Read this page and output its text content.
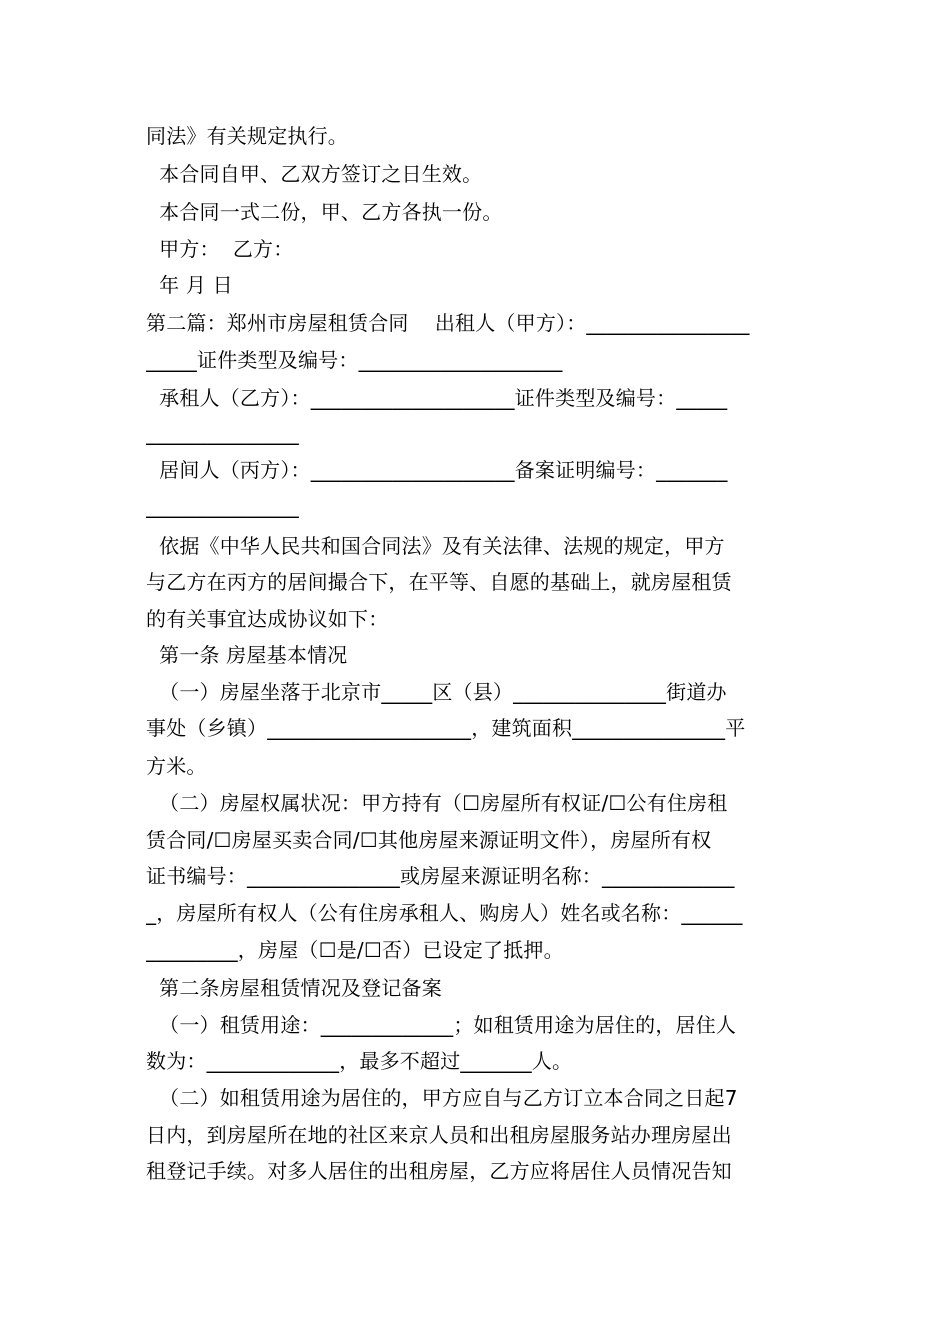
同法》有关规定执行。
本合同自甲、乙双方签订之日生效。
本合同一式二份，甲、乙方各执一份。
甲方：  乙方：
年 月 日
第二篇：郑州市房屋租赁合同    出租人（甲方）：________________
_____证件类型及编号：____________________
承租人（乙方）：____________________证件类型及编号：_____
_______________
居间人（丙方）：____________________备案证明编号：_______
_______________
依据《中华人民共和国合同法》及有关法律、法规的规定，甲方
与乙方在丙方的居间撮合下，在平等、自愿的基础上，就房屋租赁
的有关事宜达成协议如下：
第一条 房屋基本情况
（一）房屋坐落于北京市_____区（县）_______________街道办
事处（乡镇）____________________，建筑面积_______________平
方米。
（二）房屋权属状况：甲方持有（☐房屋所有权证/☐公有住房租
赁合同/☐房屋买卖合同/☐其他房屋来源证明文件），房屋所有权
证书编号：_______________或房屋来源证明名称：_____________
_，房屋所有权人（公有住房承租人、购房人）姓名或名称：______
_________，房屋（☐是/☐否）已设定了抵押。
第二条房屋租赁情况及登记备案
（一）租赁用途：_____________；如租赁用途为居住的，居住人
数为：_____________，最多不超过_______人。
（二）如租赁用途为居住的，甲方应自与乙方订立本合同之日起7
日内，到房屋所在地的社区来京人员和出租房屋服务站办理房屋出
租登记手续。对多人居住的出租房屋，乙方应将居住人员情况告知
